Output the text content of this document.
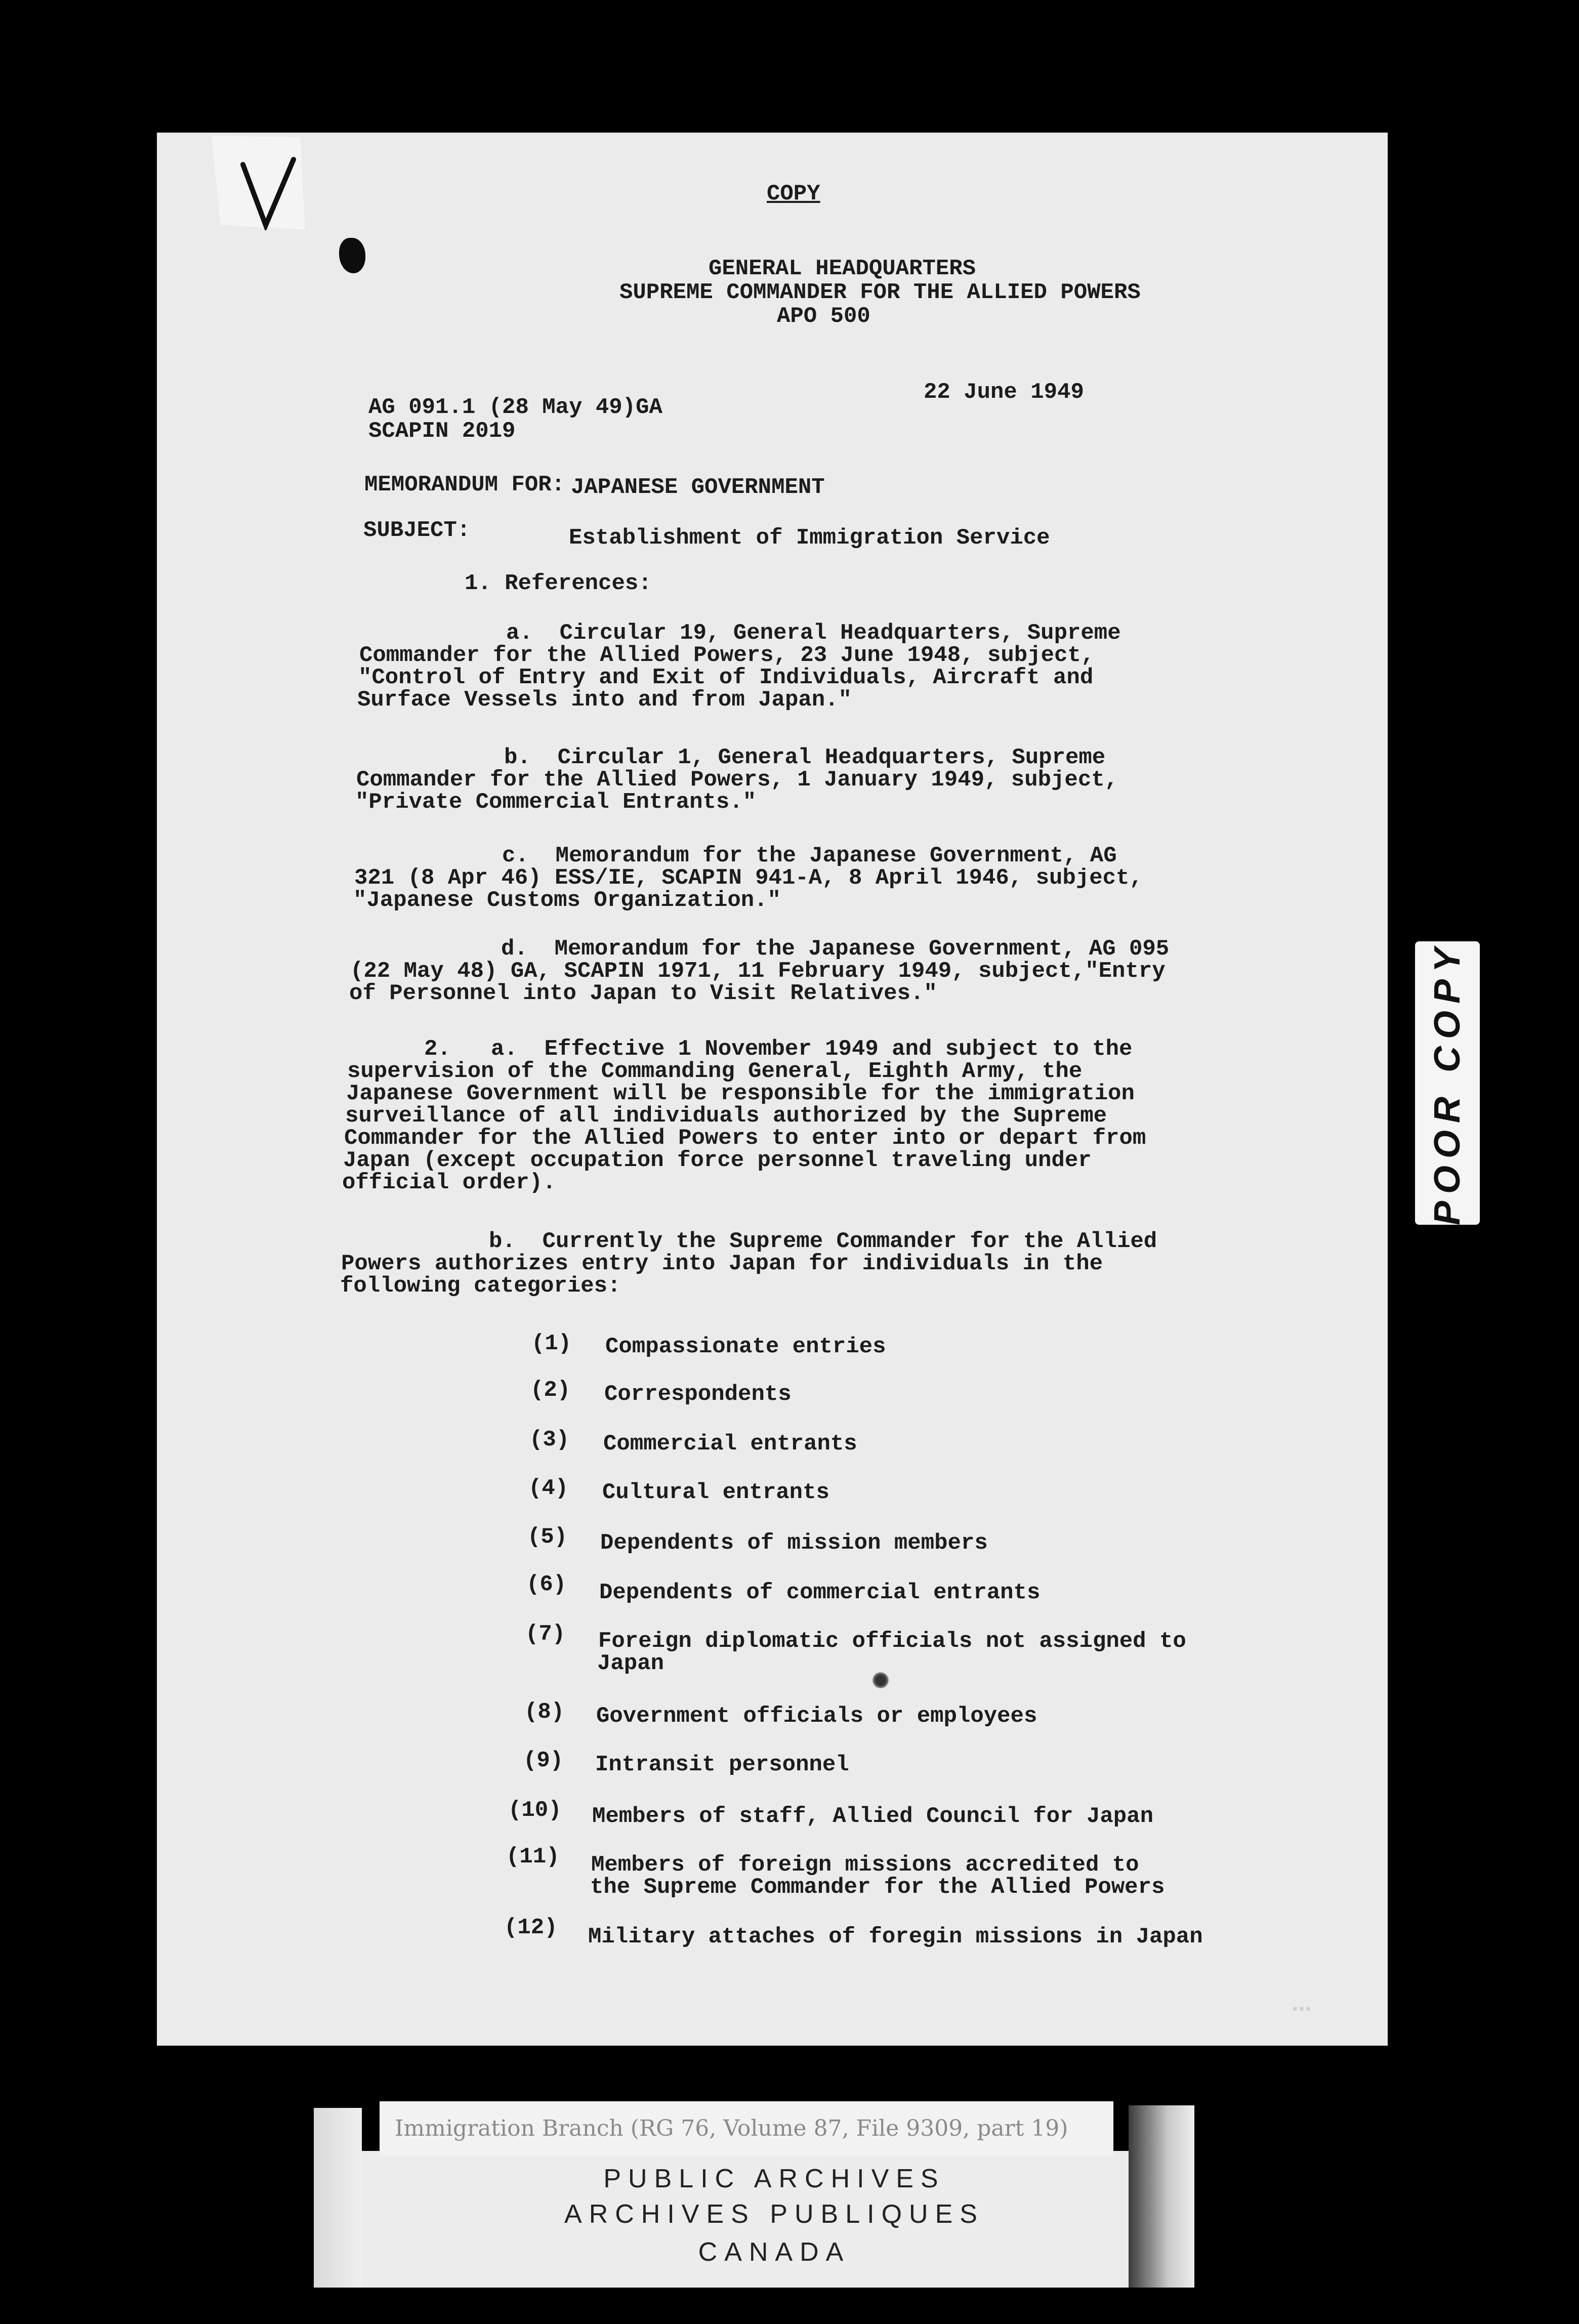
COPY
GENERAL HEADQUARTERS
SUPREME COMMANDER FOR THE ALLIED POWERS
APO 500
22 June 1949
AG 091.1 (28 May 49)GA
SCAPIN 2019
MEMORANDUM FOR: JAPANESE GOVERNMENT
SUBJECT:	Establishment of Immigration Service
1. References:
a.  Circular 19, General Headquarters, Supreme
Commander for the Allied Powers, 23 June 1948, subject,
"Control of Entry and Exit of Individuals, Aircraft and
Surface Vessels into and from Japan."
b.  Circular 1, General Headquarters, Supreme
Commander for the Allied Powers, 1 January 1949, subject,
"Private Commercial Entrants."
c.  Memorandum for the Japanese Government, AG
321 (8 Apr 46) ESS/IE, SCAPIN 941-A, 8 April 1946, subject,
"Japanese Customs Organization."
d.  Memorandum for the Japanese Government, AG 095
(22 May 48) GA, SCAPIN 1971, 11 February 1949, subject,"Entry
of Personnel into Japan to Visit Relatives."
2.   a.  Effective 1 November 1949 and subject to the
supervision of the Commanding General, Eighth Army, the
Japanese Government will be responsible for the immigration
surveillance of all individuals authorized by the Supreme
Commander for the Allied Powers to enter into or depart from
Japan (except occupation force personnel traveling under
official order).
b.  Currently the Supreme Commander for the Allied
Powers authorizes entry into Japan for individuals in the
following categories:
(1) Compassionate entries
(2) Correspondents
(3) Commercial entrants
(4) Cultural entrants
(5) Dependents of mission members
(6) Dependents of commercial entrants
(7) Foreign diplomatic officials not assigned to
Japan
(8) Government officials or employees
(9) Intransit personnel
(10) Members of staff, Allied Council for Japan
(11) Members of foreign missions accredited to
the Supreme Commander for the Allied Powers
(12) Military attaches of foregin missions in Japan
...
POOR COPY
Immigration Branch (RG 76, Volume 87, File 9309, part 19)
PUBLIC ARCHIVES
ARCHIVES PUBLIQUES
CANADA
